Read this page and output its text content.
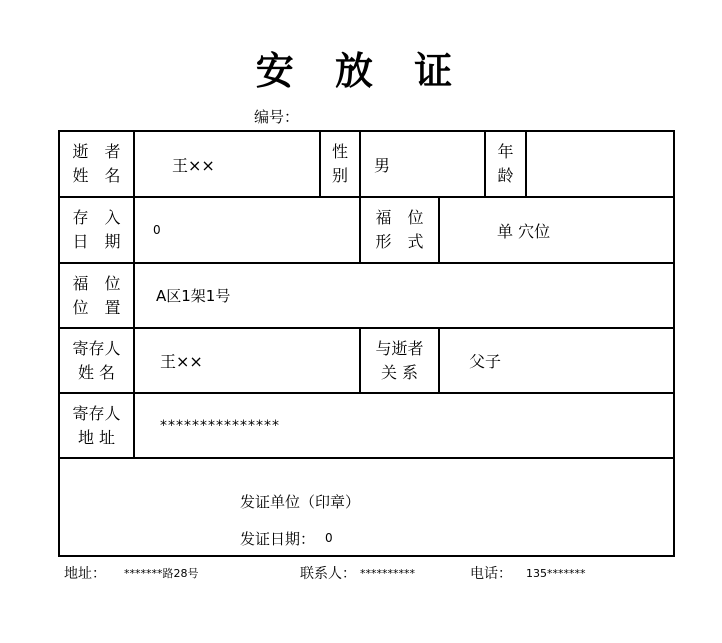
安 放 证
编号：
逝　者
姓　名
王××
性
别
男
年
龄
存　入
日　期
0
福　位
形　式
单 穴位
福　位
位　置
A区1架1号
寄存人
姓 名
王××
与逝者
关 系
父子
寄存人
地 址
***************
发证单位（印章）
发证日期： 0
地址： *******路28号	联系人： **********	电话： 135*******
